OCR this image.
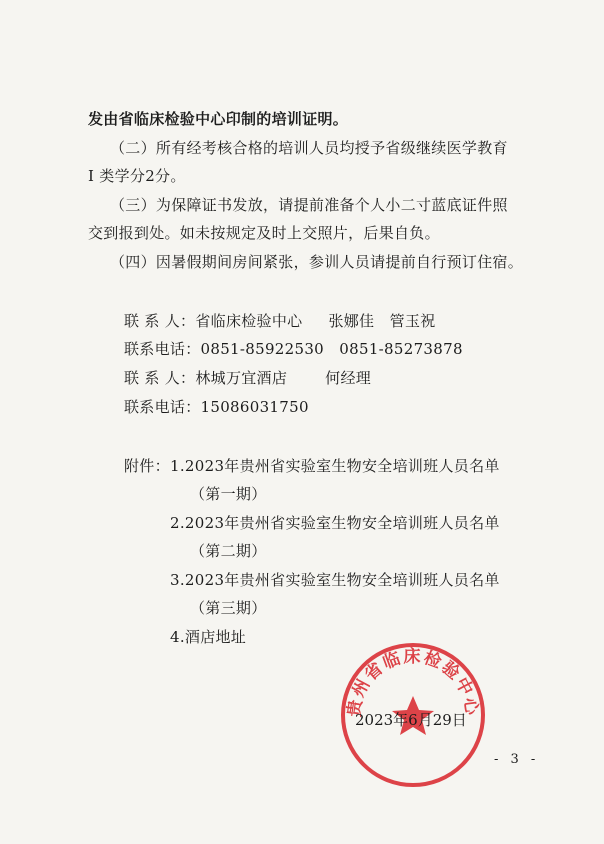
发由省临床检验中心印制的培训证明。
（二）所有经考核合格的培训人员均授予省级继续医学教育
I 类学分2分。
（三）为保障证书发放，请提前准备个人小二寸蓝底证件照
交到报到处。如未按规定及时上交照片，后果自负。
（四）因暑假期间房间紧张，参训人员请提前自行预订住宿。
联 系 人：省临床检验中心 张娜佳　管玉祝
联系电话：0851-85922530　0851-85273878
联 系 人：林城万宜酒店	何经理
联系电话：15086031750
附件： 1.2023年贵州省实验室生物安全培训班人员名单
（第一期）
2.2023年贵州省实验室生物安全培训班人员名单
（第二期）
3.2023年贵州省实验室生物安全培训班人员名单
（第三期）
4.酒店地址
贵州省临床检验中心
2023年6月29日
- 3 -
